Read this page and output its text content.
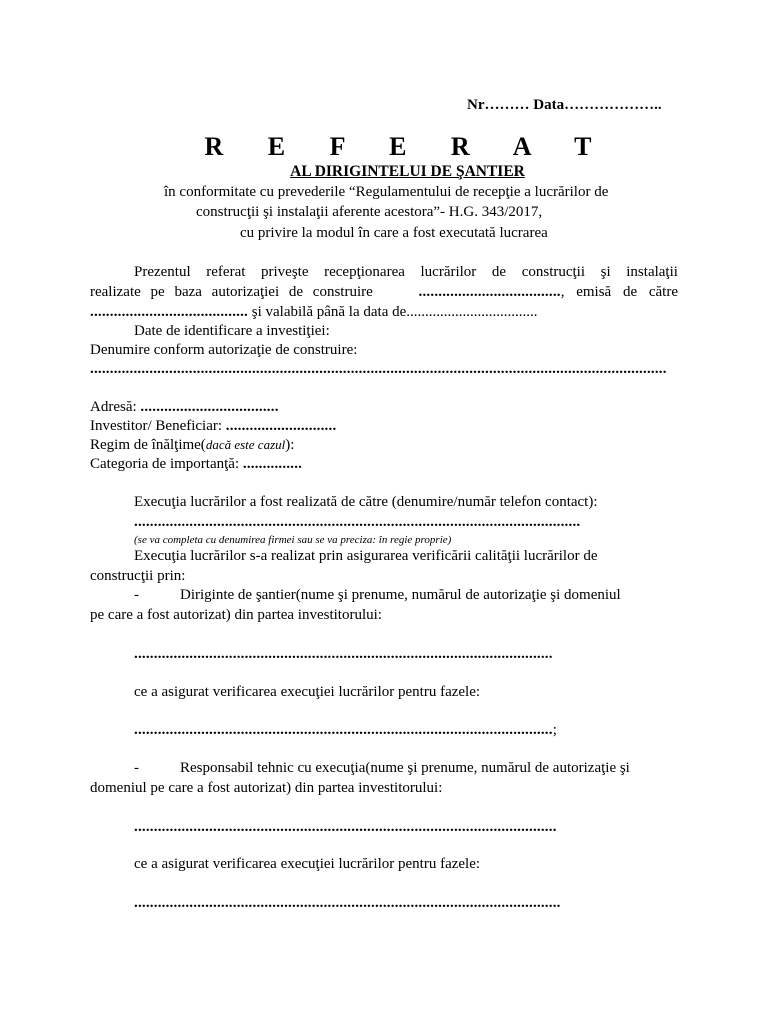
Nr……… Data………………..
R E F E R A T
AL DIRIGINTELUI DE ŞANTIER
în conformitate cu prevederile “Regulamentului de recepţie a lucrărilor de
construcţii şi instalaţii aferente acestora”- H.G. 343/2017,
cu privire la modul în care a fost executată lucrarea
Prezentul referat priveşte recepţionarea lucrărilor de construcţii şi instalaţii
realizate pe baza autorizaţiei de construire	...................................., emisă de către
........................................ şi valabilă până la data de...................................
Date de identificare a investiţiei:
Denumire conform autorizaţie de construire:
..................................................................................................................................................
Adresă: ...................................
Investitor/ Beneficiar: ............................
Regim de înălţime(dacă este cazul):
Categoria de importanţă: ...............
Execuţia lucrărilor a fost realizată de către (denumire/număr telefon contact):
.................................................................................................................
(se va completa cu denumirea firmei sau se va preciza: în regie proprie)
Execuţia lucrărilor s-a realizat prin asigurarea verificării calităţii lucrărilor de
construcţii prin:
-	Diriginte de şantier(nume şi prenume, numărul de autorizaţie şi domeniul
pe care a fost autorizat) din partea investitorului:
..........................................................................................................
ce a asigurat verificarea execuţiei lucrărilor pentru fazele:
..........................................................................................................;
-	Responsabil tehnic cu execuţia(nume şi prenume, numărul de autorizaţie şi
domeniul pe care a fost autorizat) din partea investitorului:
...........................................................................................................
ce a asigurat verificarea execuţiei lucrărilor pentru fazele:
............................................................................................................
